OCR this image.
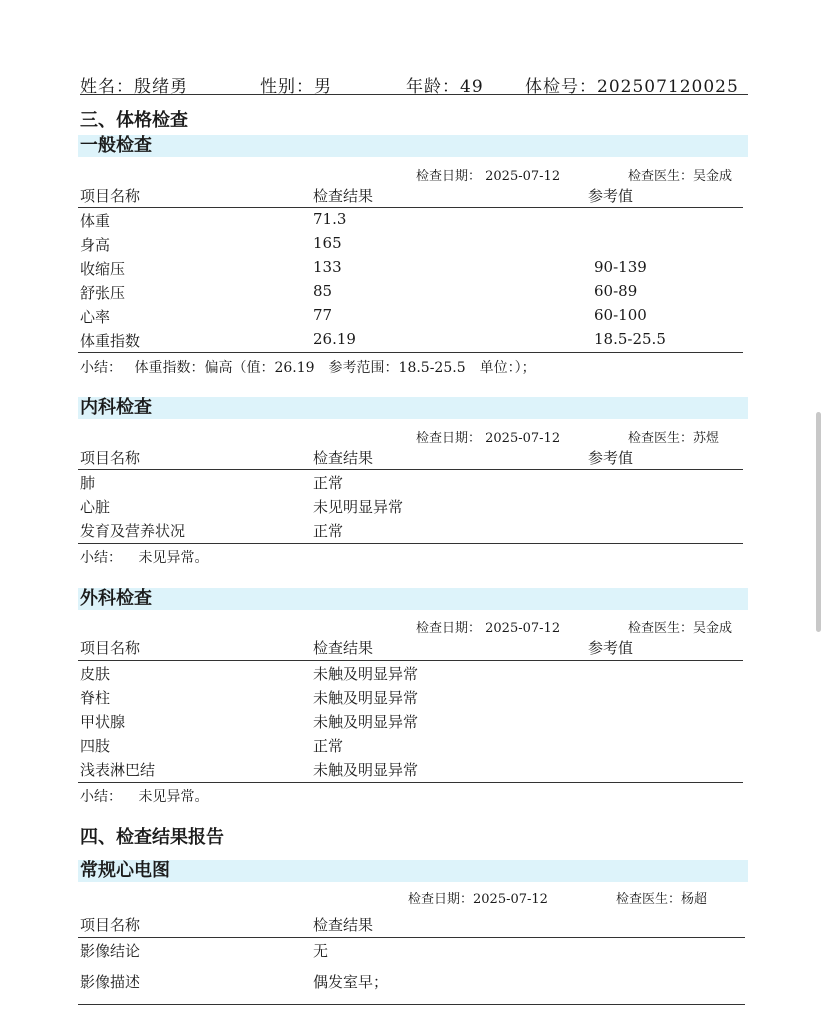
姓名：殷绪勇	性别：男	年龄：49 体检号：202507120025
三、体格检查
一般检查
检查日期： 2025-07-12	检查医生：吴金成
项目名称	检查结果	参考值
体重	71.3
身高	165
收缩压	133	90-139
舒张压	85	60-89
心率	77	60-100
体重指数	26.19	18.5-25.5
小结： 体重指数：偏高（值：26.19　参考范围：18.5-25.5　单位：）；
内科检查
检查日期： 2025-07-12	检查医生：苏煜
项目名称	检查结果	参考值
肺	正常
心脏	未见明显异常
发育及营养状况	正常
小结： 未见异常。
外科检查
检查日期： 2025-07-12	检查医生：吴金成
项目名称	检查结果	参考值
皮肤	未触及明显异常
脊柱	未触及明显异常
甲状腺	未触及明显异常
四肢	正常
浅表淋巴结	未触及明显异常
小结： 未见异常。
四、检查结果报告
常规心电图
检查日期：2025-07-12	检查医生：杨超
项目名称	检查结果
影像结论	无
影像描述	偶发室早；
